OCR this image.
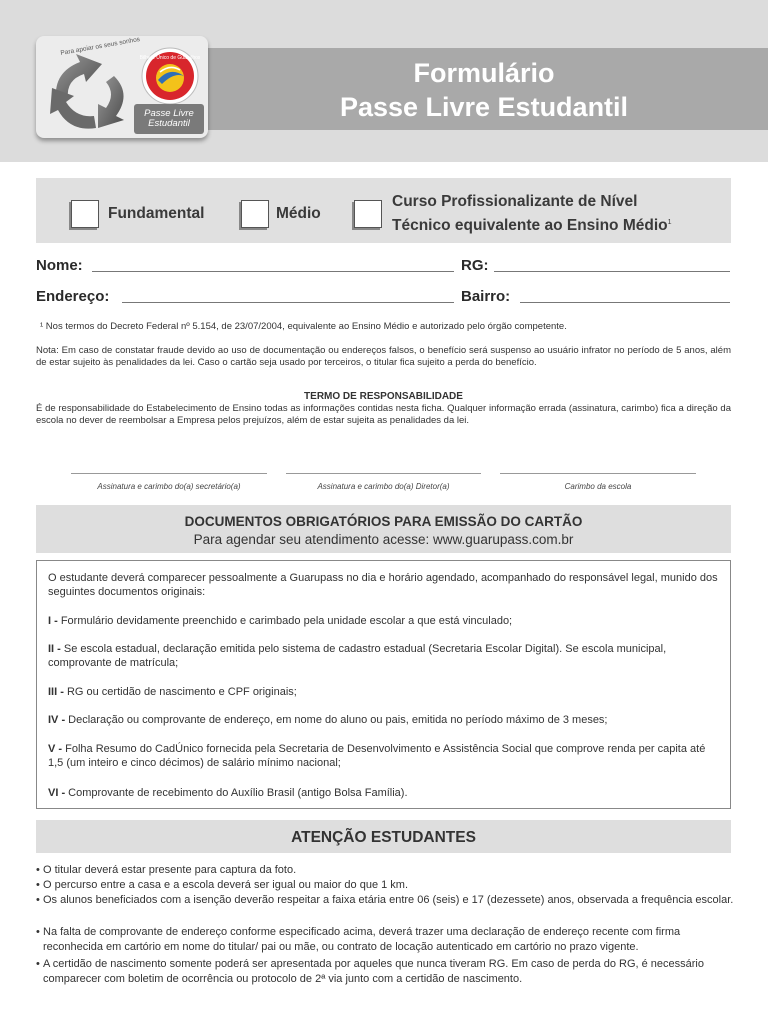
Formulário
Passe Livre Estudantil
Para apoiar os seus sonhos
Bilhete Único de Guarulhos
Passe Livre
Estudantil
Fundamental	Médio
Curso Profissionalizante de Nível
Técnico equivalente ao Ensino Médio$^1$
Nome:	RG:
Endereço:	Bairro:
¹ Nos termos do Decreto Federal nº 5.154, de 23/07/2004, equivalente ao Ensino Médio e autorizado pelo órgão competente.
Nota: Em caso de constatar fraude devido ao uso de documentação ou endereços falsos, o benefício será suspenso ao usuário infrator no período de 5 anos, além de estar sujeito às penalidades da lei. Caso o cartão seja usado por terceiros, o titular fica sujeito a perda do benefício.
TERMO DE RESPONSABILIDADE
É de responsabilidade do Estabelecimento de Ensino todas as informações contidas nesta ficha. Qualquer informação errada (assinatura, carimbo) fica a direção da escola no dever de reembolsar a Empresa pelos prejuízos, além de estar sujeita as penalidades da lei.
Assinatura e carimbo do(a) secretário(a)	Assinatura e carimbo do(a) Diretor(a)	Carimbo da escola
DOCUMENTOS OBRIGATÓRIOS PARA EMISSÃO DO CARTÃO
Para agendar seu atendimento acesse: www.guarupass.com.br
O estudante deverá comparecer pessoalmente a Guarupass no dia e horário agendado, acompanhado do responsável legal, munido dos seguintes documentos originais:
I - Formulário devidamente preenchido e carimbado pela unidade escolar a que está vinculado;
II - Se escola estadual, declaração emitida pelo sistema de cadastro estadual (Secretaria Escolar Digital). Se escola municipal, comprovante de matrícula;
III - RG ou certidão de nascimento e CPF originais;
IV - Declaração ou comprovante de endereço, em nome do aluno ou pais, emitida no período máximo de 3 meses;
V - Folha Resumo do CadÚnico fornecida pela Secretaria de Desenvolvimento e Assistência Social que comprove renda per capita até 1,5 (um inteiro e cinco décimos) de salário mínimo nacional;
VI - Comprovante de recebimento do Auxílio Brasil (antigo Bolsa Família).
ATENÇÃO ESTUDANTES
• O titular deverá estar presente para captura da foto.
• O percurso entre a casa e a escola deverá ser igual ou maior do que 1 km.
• Os alunos beneficiados com a isenção deverão respeitar a faixa etária entre 06 (seis) e 17 (dezessete) anos, observada a frequência escolar.
• Na falta de comprovante de endereço conforme especificado acima, deverá trazer uma declaração de endereço recente com firma reconhecida em cartório em nome do titular/ pai ou mãe, ou contrato de locação autenticado em cartório no prazo vigente.
• A certidão de nascimento somente poderá ser apresentada por aqueles que nunca tiveram RG. Em caso de perda do RG, é necessário comparecer com boletim de ocorrência ou protocolo de 2ª via junto com a certidão de nascimento.
